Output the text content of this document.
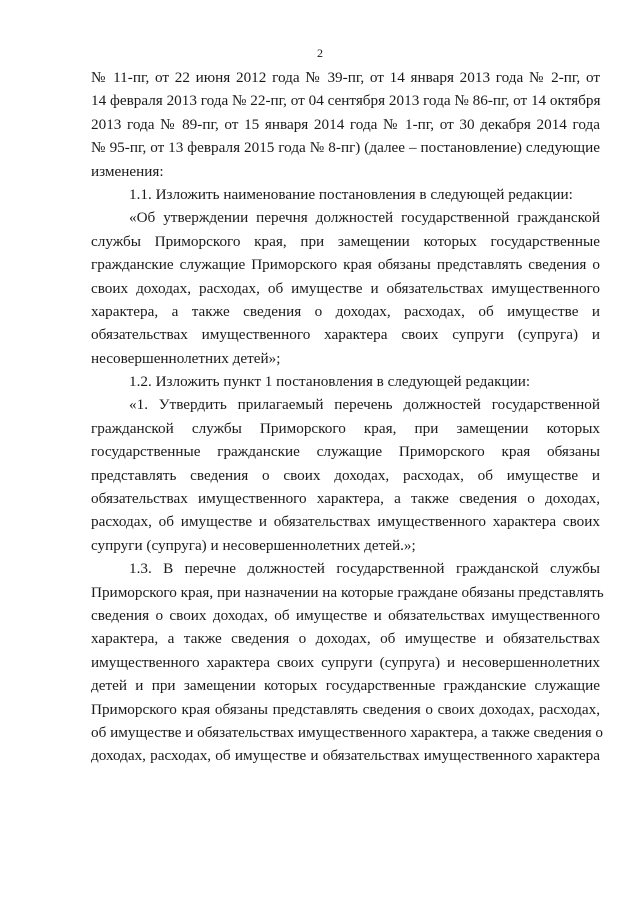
2
№ 11-пг, от 22 июня 2012 года № 39-пг, от 14 января 2013 года № 2-пг, от
14 февраля 2013 года № 22-пг, от 04 сентября 2013 года № 86-пг, от 14 октября
2013 года № 89-пг, от 15 января 2014 года № 1-пг, от 30 декабря 2014 года
№ 95-пг, от 13 февраля 2015 года № 8-пг) (далее – постановление) следующие
изменения:
1.1. Изложить наименование постановления в следующей редакции:
«Об утверждении перечня должностей государственной гражданской
службы Приморского края, при замещении которых государственные
гражданские служащие Приморского края обязаны представлять сведения о
своих доходах, расходах, об имуществе и обязательствах имущественного
характера, а также сведения о доходах, расходах, об имуществе и
обязательствах имущественного характера своих супруги (супруга) и
несовершеннолетних детей»;
1.2. Изложить пункт 1 постановления в следующей редакции:
«1. Утвердить прилагаемый перечень должностей государственной
гражданской службы Приморского края, при замещении которых
государственные гражданские служащие Приморского края обязаны
представлять сведения о своих доходах, расходах, об имуществе и
обязательствах имущественного характера, а также сведения о доходах,
расходах, об имуществе и обязательствах имущественного характера своих
супруги (супруга) и несовершеннолетних детей.»;
1.3. В перечне должностей государственной гражданской службы
Приморского края, при назначении на которые граждане обязаны представлять
сведения о своих доходах, об имуществе и обязательствах имущественного
характера, а также сведения о доходах, об имуществе и обязательствах
имущественного характера своих супруги (супруга) и несовершеннолетних
детей и при замещении которых государственные гражданские служащие
Приморского края обязаны представлять сведения о своих доходах, расходах,
об имуществе и обязательствах имущественного характера, а также сведения о
доходах, расходах, об имуществе и обязательствах имущественного характера
